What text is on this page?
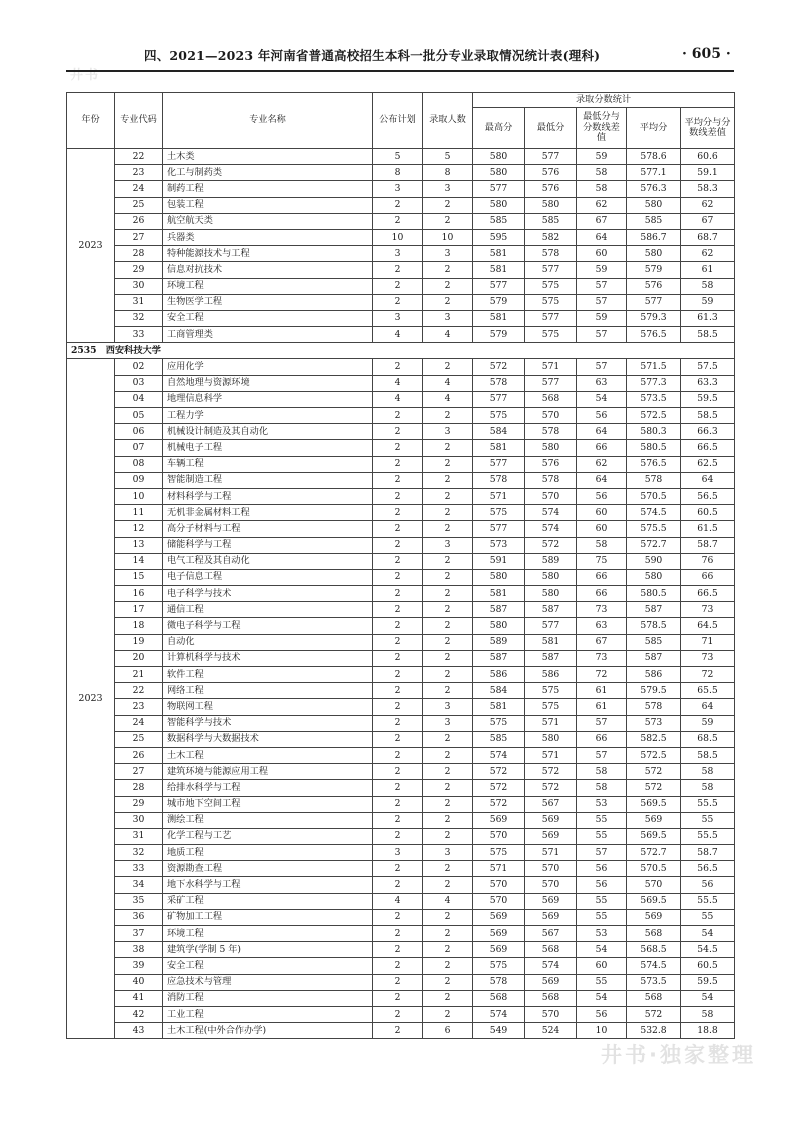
井书
四、2021—2023 年河南省普通高校招生本科一批分专业录取情况统计表(理科)	· 605 ·
年份	专业代码	专业名称	公布计划	录取人数	录取分数统计				
					最高分	最低分	最低分与分数线差值	平均分	平均分与分数线差值
2023	22	土木类	5	5	580	577	59	578.6	60.6
	23	化工与制药类	8	8	580	576	58	577.1	59.1
	24	制药工程	3	3	577	576	58	576.3	58.3
	25	包装工程	2	2	580	580	62	580	62
	26	航空航天类	2	2	585	585	67	585	67
	27	兵器类	10	10	595	582	64	586.7	68.7
	28	特种能源技术与工程	3	3	581	578	60	580	62
	29	信息对抗技术	2	2	581	577	59	579	61
	30	环境工程	2	2	577	575	57	576	58
	31	生物医学工程	2	2	579	575	57	577	59
	32	安全工程	3	3	581	577	59	579.3	61.3
	33	工商管理类	4	4	579	575	57	576.5	58.5
2535　西安科技大学									
2023	02	应用化学	2	2	572	571	57	571.5	57.5
	03	自然地理与资源环境	4	4	578	577	63	577.3	63.3
	04	地理信息科学	4	4	577	568	54	573.5	59.5
	05	工程力学	2	2	575	570	56	572.5	58.5
	06	机械设计制造及其自动化	2	3	584	578	64	580.3	66.3
	07	机械电子工程	2	2	581	580	66	580.5	66.5
	08	车辆工程	2	2	577	576	62	576.5	62.5
	09	智能制造工程	2	2	578	578	64	578	64
	10	材料科学与工程	2	2	571	570	56	570.5	56.5
	11	无机非金属材料工程	2	2	575	574	60	574.5	60.5
	12	高分子材料与工程	2	2	577	574	60	575.5	61.5
	13	储能科学与工程	2	3	573	572	58	572.7	58.7
	14	电气工程及其自动化	2	2	591	589	75	590	76
	15	电子信息工程	2	2	580	580	66	580	66
	16	电子科学与技术	2	2	581	580	66	580.5	66.5
	17	通信工程	2	2	587	587	73	587	73
	18	微电子科学与工程	2	2	580	577	63	578.5	64.5
	19	自动化	2	2	589	581	67	585	71
	20	计算机科学与技术	2	2	587	587	73	587	73
	21	软件工程	2	2	586	586	72	586	72
	22	网络工程	2	2	584	575	61	579.5	65.5
	23	物联网工程	2	3	581	575	61	578	64
	24	智能科学与技术	2	3	575	571	57	573	59
	25	数据科学与大数据技术	2	2	585	580	66	582.5	68.5
	26	土木工程	2	2	574	571	57	572.5	58.5
	27	建筑环境与能源应用工程	2	2	572	572	58	572	58
	28	给排水科学与工程	2	2	572	572	58	572	58
	29	城市地下空间工程	2	2	572	567	53	569.5	55.5
	30	测绘工程	2	2	569	569	55	569	55
	31	化学工程与工艺	2	2	570	569	55	569.5	55.5
	32	地质工程	3	3	575	571	57	572.7	58.7
	33	资源勘查工程	2	2	571	570	56	570.5	56.5
	34	地下水科学与工程	2	2	570	570	56	570	56
	35	采矿工程	4	4	570	569	55	569.5	55.5
	36	矿物加工工程	2	2	569	569	55	569	55
	37	环境工程	2	2	569	567	53	568	54
	38	建筑学(学制 5 年)	2	2	569	568	54	568.5	54.5
	39	安全工程	2	2	575	574	60	574.5	60.5
	40	应急技术与管理	2	2	578	569	55	573.5	59.5
	41	消防工程	2	2	568	568	54	568	54
	42	工业工程	2	2	574	570	56	572	58
	43	土木工程(中外合作办学)	2	6	549	524	10	532.8	18.8
井书·独家整理
